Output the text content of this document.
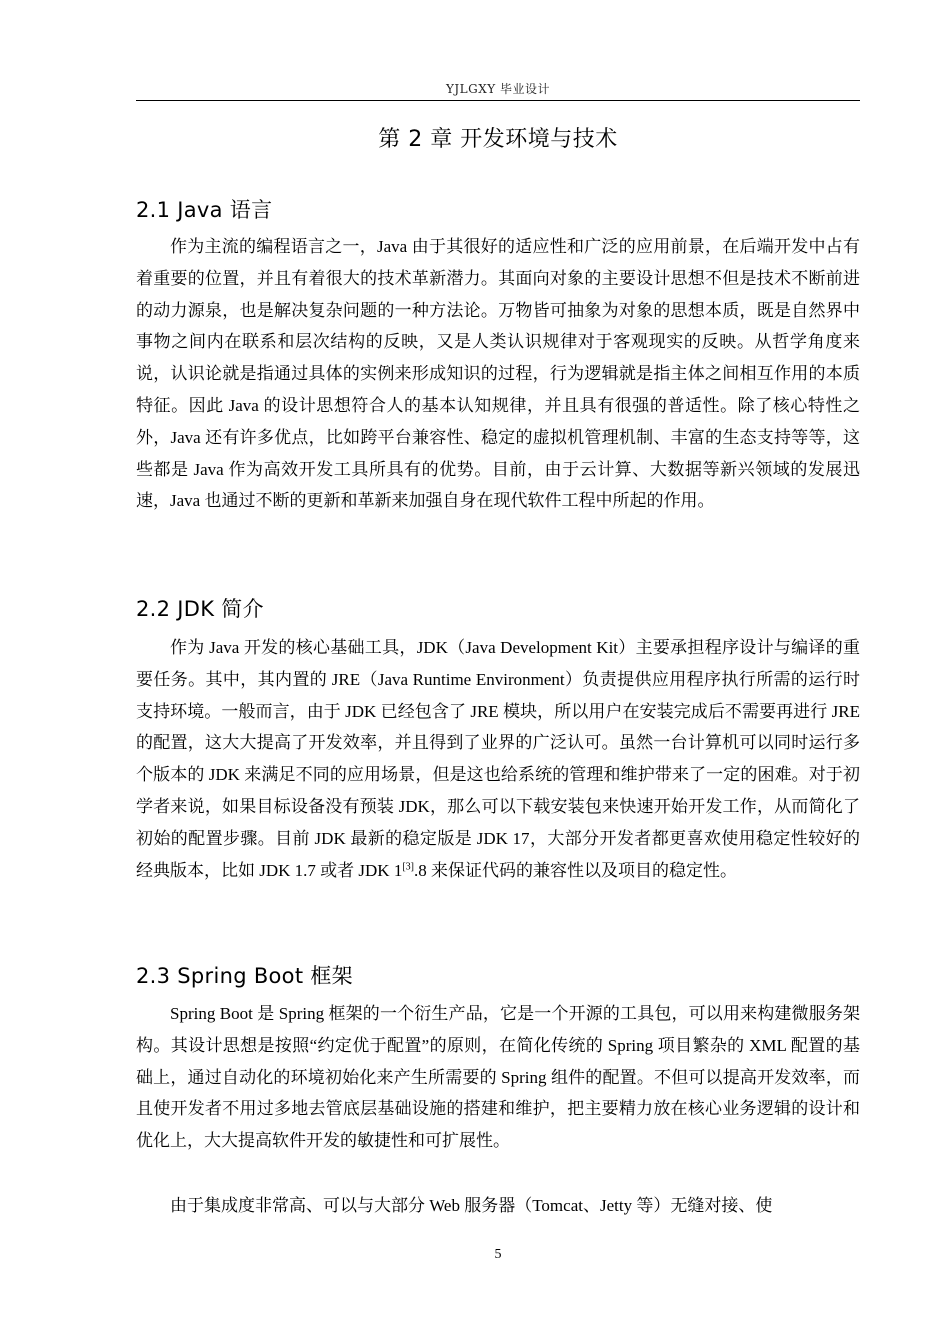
YJLGXY 毕业设计
第 2 章 开发环境与技术
2.1 Java 语言
作为主流的编程语言之一，Java 由于其很好的适应性和广泛的应用前景，在后端开发中占有着重要的位置，并且有着很大的技术革新潜力。其面向对象的主要设计思想不但是技术不断前进的动力源泉，也是解决复杂问题的一种方法论。万物皆可抽象为对象的思想本质，既是自然界中事物之间内在联系和层次结构的反映，又是人类认识规律对于客观现实的反映。从哲学角度来说，认识论就是指通过具体的实例来形成知识的过程，行为逻辑就是指主体之间相互作用的本质特征。因此 Java 的设计思想符合人的基本认知规律，并且具有很强的普适性。除了核心特性之外，Java 还有许多优点，比如跨平台兼容性、稳定的虚拟机管理机制、丰富的生态支持等等，这些都是 Java 作为高效开发工具所具有的优势。目前，由于云计算、大数据等新兴领域的发展迅速，Java 也通过不断的更新和革新来加强自身在现代软件工程中所起的作用。
2.2 JDK 简介
作为 Java 开发的核心基础工具，JDK（Java Development Kit）主要承担程序设计与编译的重要任务。其中，其内置的 JRE（Java Runtime Environment）负责提供应用程序执行所需的运行时支持环境。一般而言，由于 JDK 已经包含了 JRE 模块，所以用户在安装完成后不需要再进行 JRE 的配置，这大大提高了开发效率，并且得到了业界的广泛认可。虽然一台计算机可以同时运行多个版本的 JDK 来满足不同的应用场景，但是这也给系统的管理和维护带来了一定的困难。对于初学者来说，如果目标设备没有预装 JDK，那么可以下载安装包来快速开始开发工作，从而简化了初始的配置步骤。目前 JDK 最新的稳定版是 JDK 17，大部分开发者都更喜欢使用稳定性较好的经典版本，比如 JDK 1.7 或者 JDK 1[3].8 来保证代码的兼容性以及项目的稳定性。
2.3 Spring Boot 框架
Spring Boot 是 Spring 框架的一个衍生产品，它是一个开源的工具包，可以用来构建微服务架构。其设计思想是按照“约定优于配置”的原则，在简化传统的 Spring 项目繁杂的 XML 配置的基础上，通过自动化的环境初始化来产生所需要的 Spring 组件的配置。不但可以提高开发效率，而且使开发者不用过多地去管底层基础设施的搭建和维护，把主要精力放在核心业务逻辑的设计和优化上，大大提高软件开发的敏捷性和可扩展性。
由于集成度非常高、可以与大部分 Web 服务器（Tomcat、Jetty 等）无缝对接、使
5
